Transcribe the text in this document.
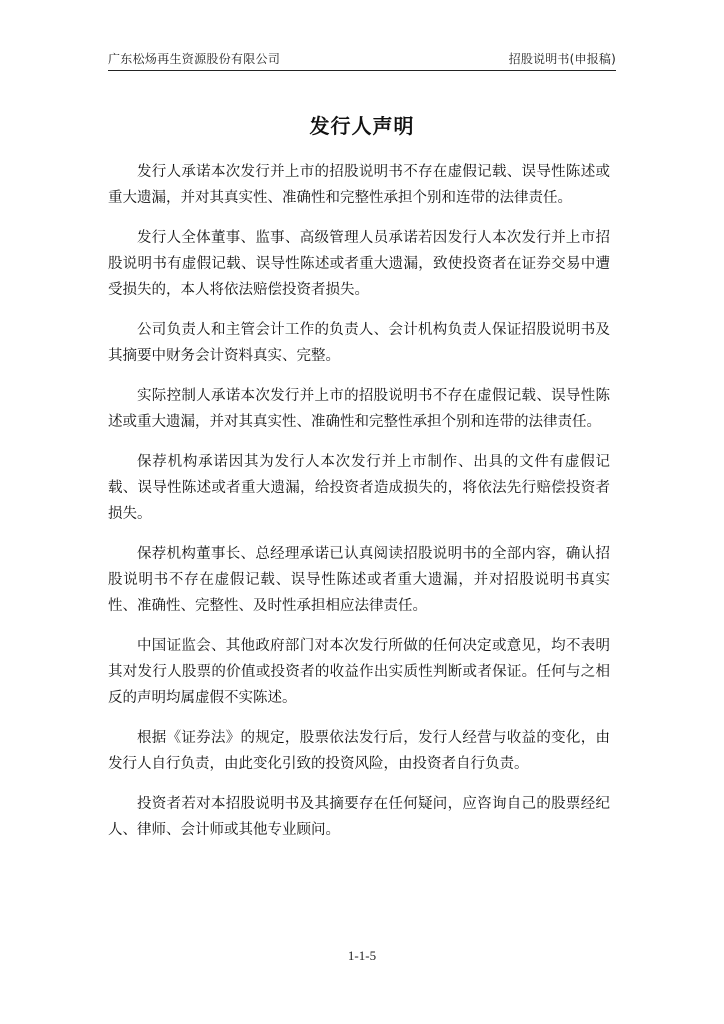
广东松炀再生资源股份有限公司	招股说明书(申报稿)
发行人声明

发行人承诺本次发行并上市的招股说明书不存在虚假记载、误导性陈述或重大遗漏，并对其真实性、准确性和完整性承担个别和连带的法律责任。

发行人全体董事、监事、高级管理人员承诺若因发行人本次发行并上市招股说明书有虚假记载、误导性陈述或者重大遗漏，致使投资者在证券交易中遭受损失的，本人将依法赔偿投资者损失。

公司负责人和主管会计工作的负责人、会计机构负责人保证招股说明书及其摘要中财务会计资料真实、完整。

实际控制人承诺本次发行并上市的招股说明书不存在虚假记载、误导性陈述或重大遗漏，并对其真实性、准确性和完整性承担个别和连带的法律责任。

保荐机构承诺因其为发行人本次发行并上市制作、出具的文件有虚假记载、误导性陈述或者重大遗漏，给投资者造成损失的，将依法先行赔偿投资者损失。

保荐机构董事长、总经理承诺已认真阅读招股说明书的全部内容，确认招股说明书不存在虚假记载、误导性陈述或者重大遗漏，并对招股说明书真实性、准确性、完整性、及时性承担相应法律责任。

中国证监会、其他政府部门对本次发行所做的任何决定或意见，均不表明其对发行人股票的价值或投资者的收益作出实质性判断或者保证。任何与之相反的声明均属虚假不实陈述。

根据《证券法》的规定，股票依法发行后，发行人经营与收益的变化，由发行人自行负责，由此变化引致的投资风险，由投资者自行负责。

投资者若对本招股说明书及其摘要存在任何疑问，应咨询自己的股票经纪人、律师、会计师或其他专业顾问。

1-1-5
